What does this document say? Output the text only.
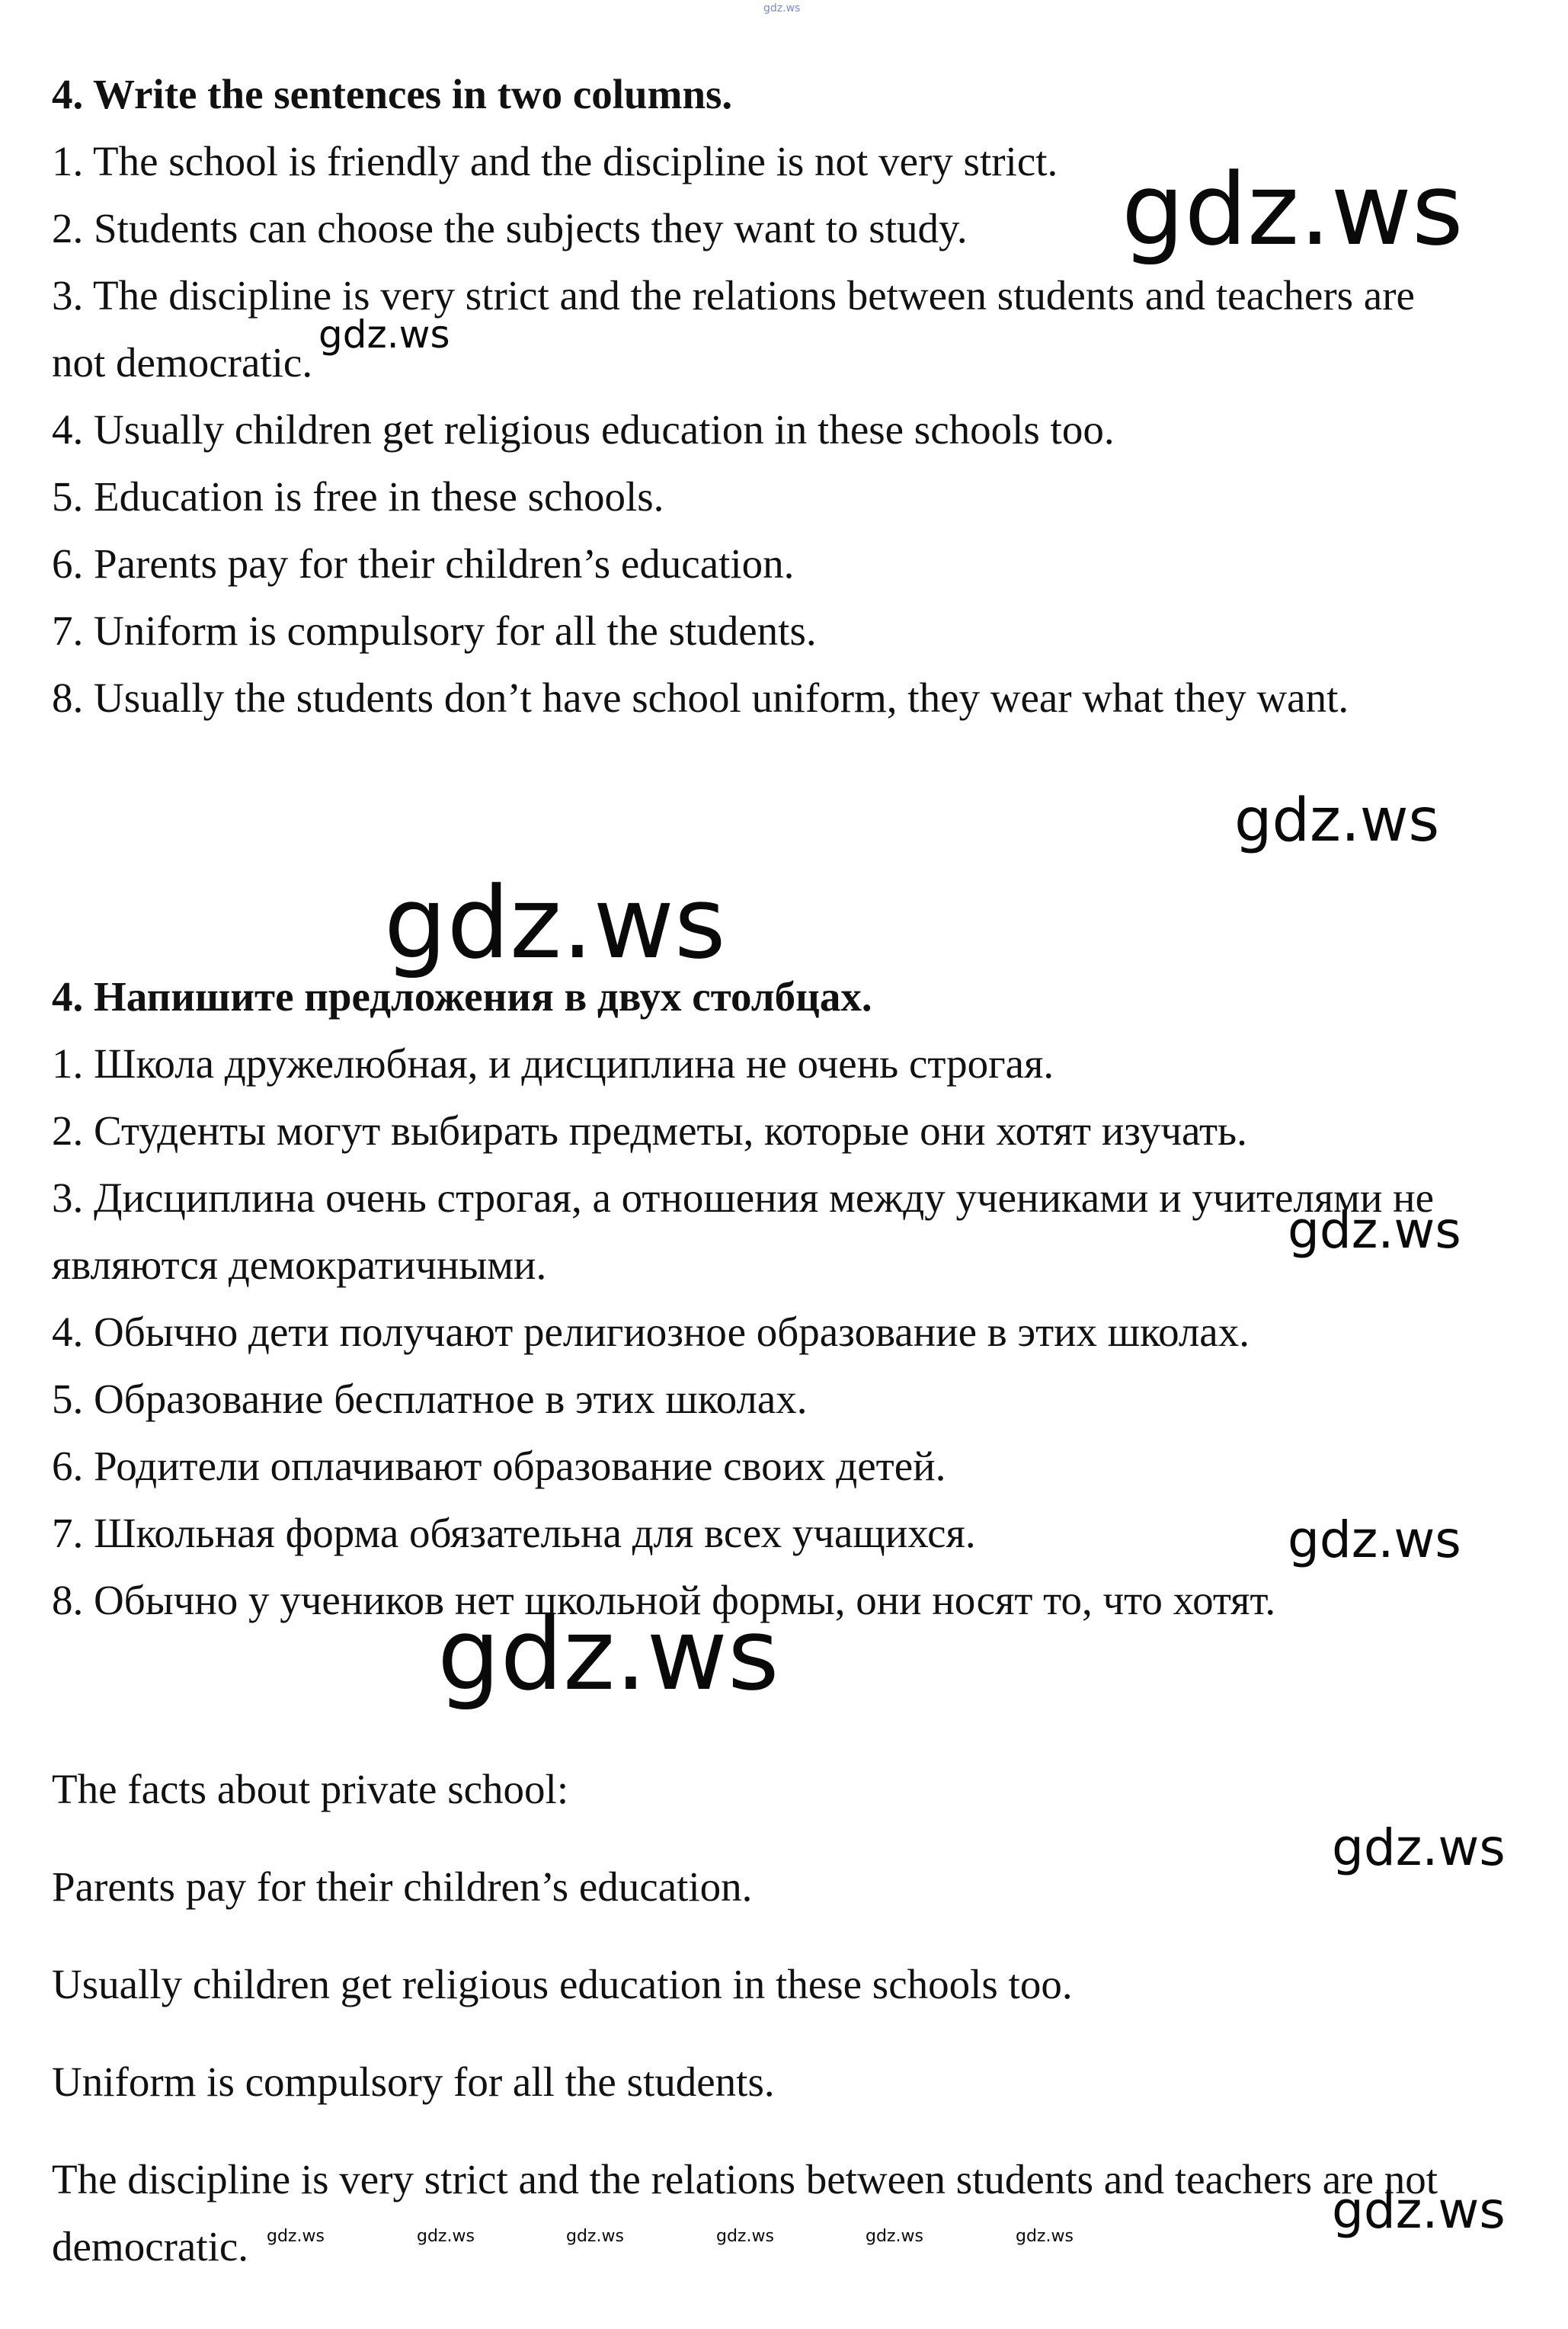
gdz.ws

4. Write the sentences in two columns.

1. The school is friendly and the discipline is not very strict.

2. Students can choose the subjects they want to study.

3. The discipline is very strict and the relations between students and teachers are

not democratic.

4. Usually children get religious education in these schools too.

5. Education is free in these schools.

6. Parents pay for their children’s education.

7. Uniform is compulsory for all the students.

8. Usually the students don’t have school uniform, they wear what they want.

4. Напишите предложения в двух столбцах.

1. Школа дружелюбная, и дисциплина не очень строгая.

2. Студенты могут выбирать предметы, которые они хотят изучать.

3. Дисциплина очень строгая, а отношения между учениками и учителями не

являются демократичными.

4. Обычно дети получают религиозное образование в этих школах.

5. Образование бесплатное в этих школах.

6. Родители оплачивают образование своих детей.

7. Школьная форма обязательна для всех учащихся.

8. Обычно у учеников нет школьной формы, они носят то, что хотят.

The facts about private school:

Parents pay for their children’s education.

Usually children get religious education in these schools too.

Uniform is compulsory for all the students.

The discipline is very strict and the relations between students and teachers are not

democratic.

gdz.ws
gdz.ws
gdz.ws
gdz.ws
gdz.ws
gdz.ws
gdz.ws
gdz.ws
gdz.ws
gdz.ws	gdz.ws	gdz.ws	gdz.ws	gdz.ws	gdz.ws
